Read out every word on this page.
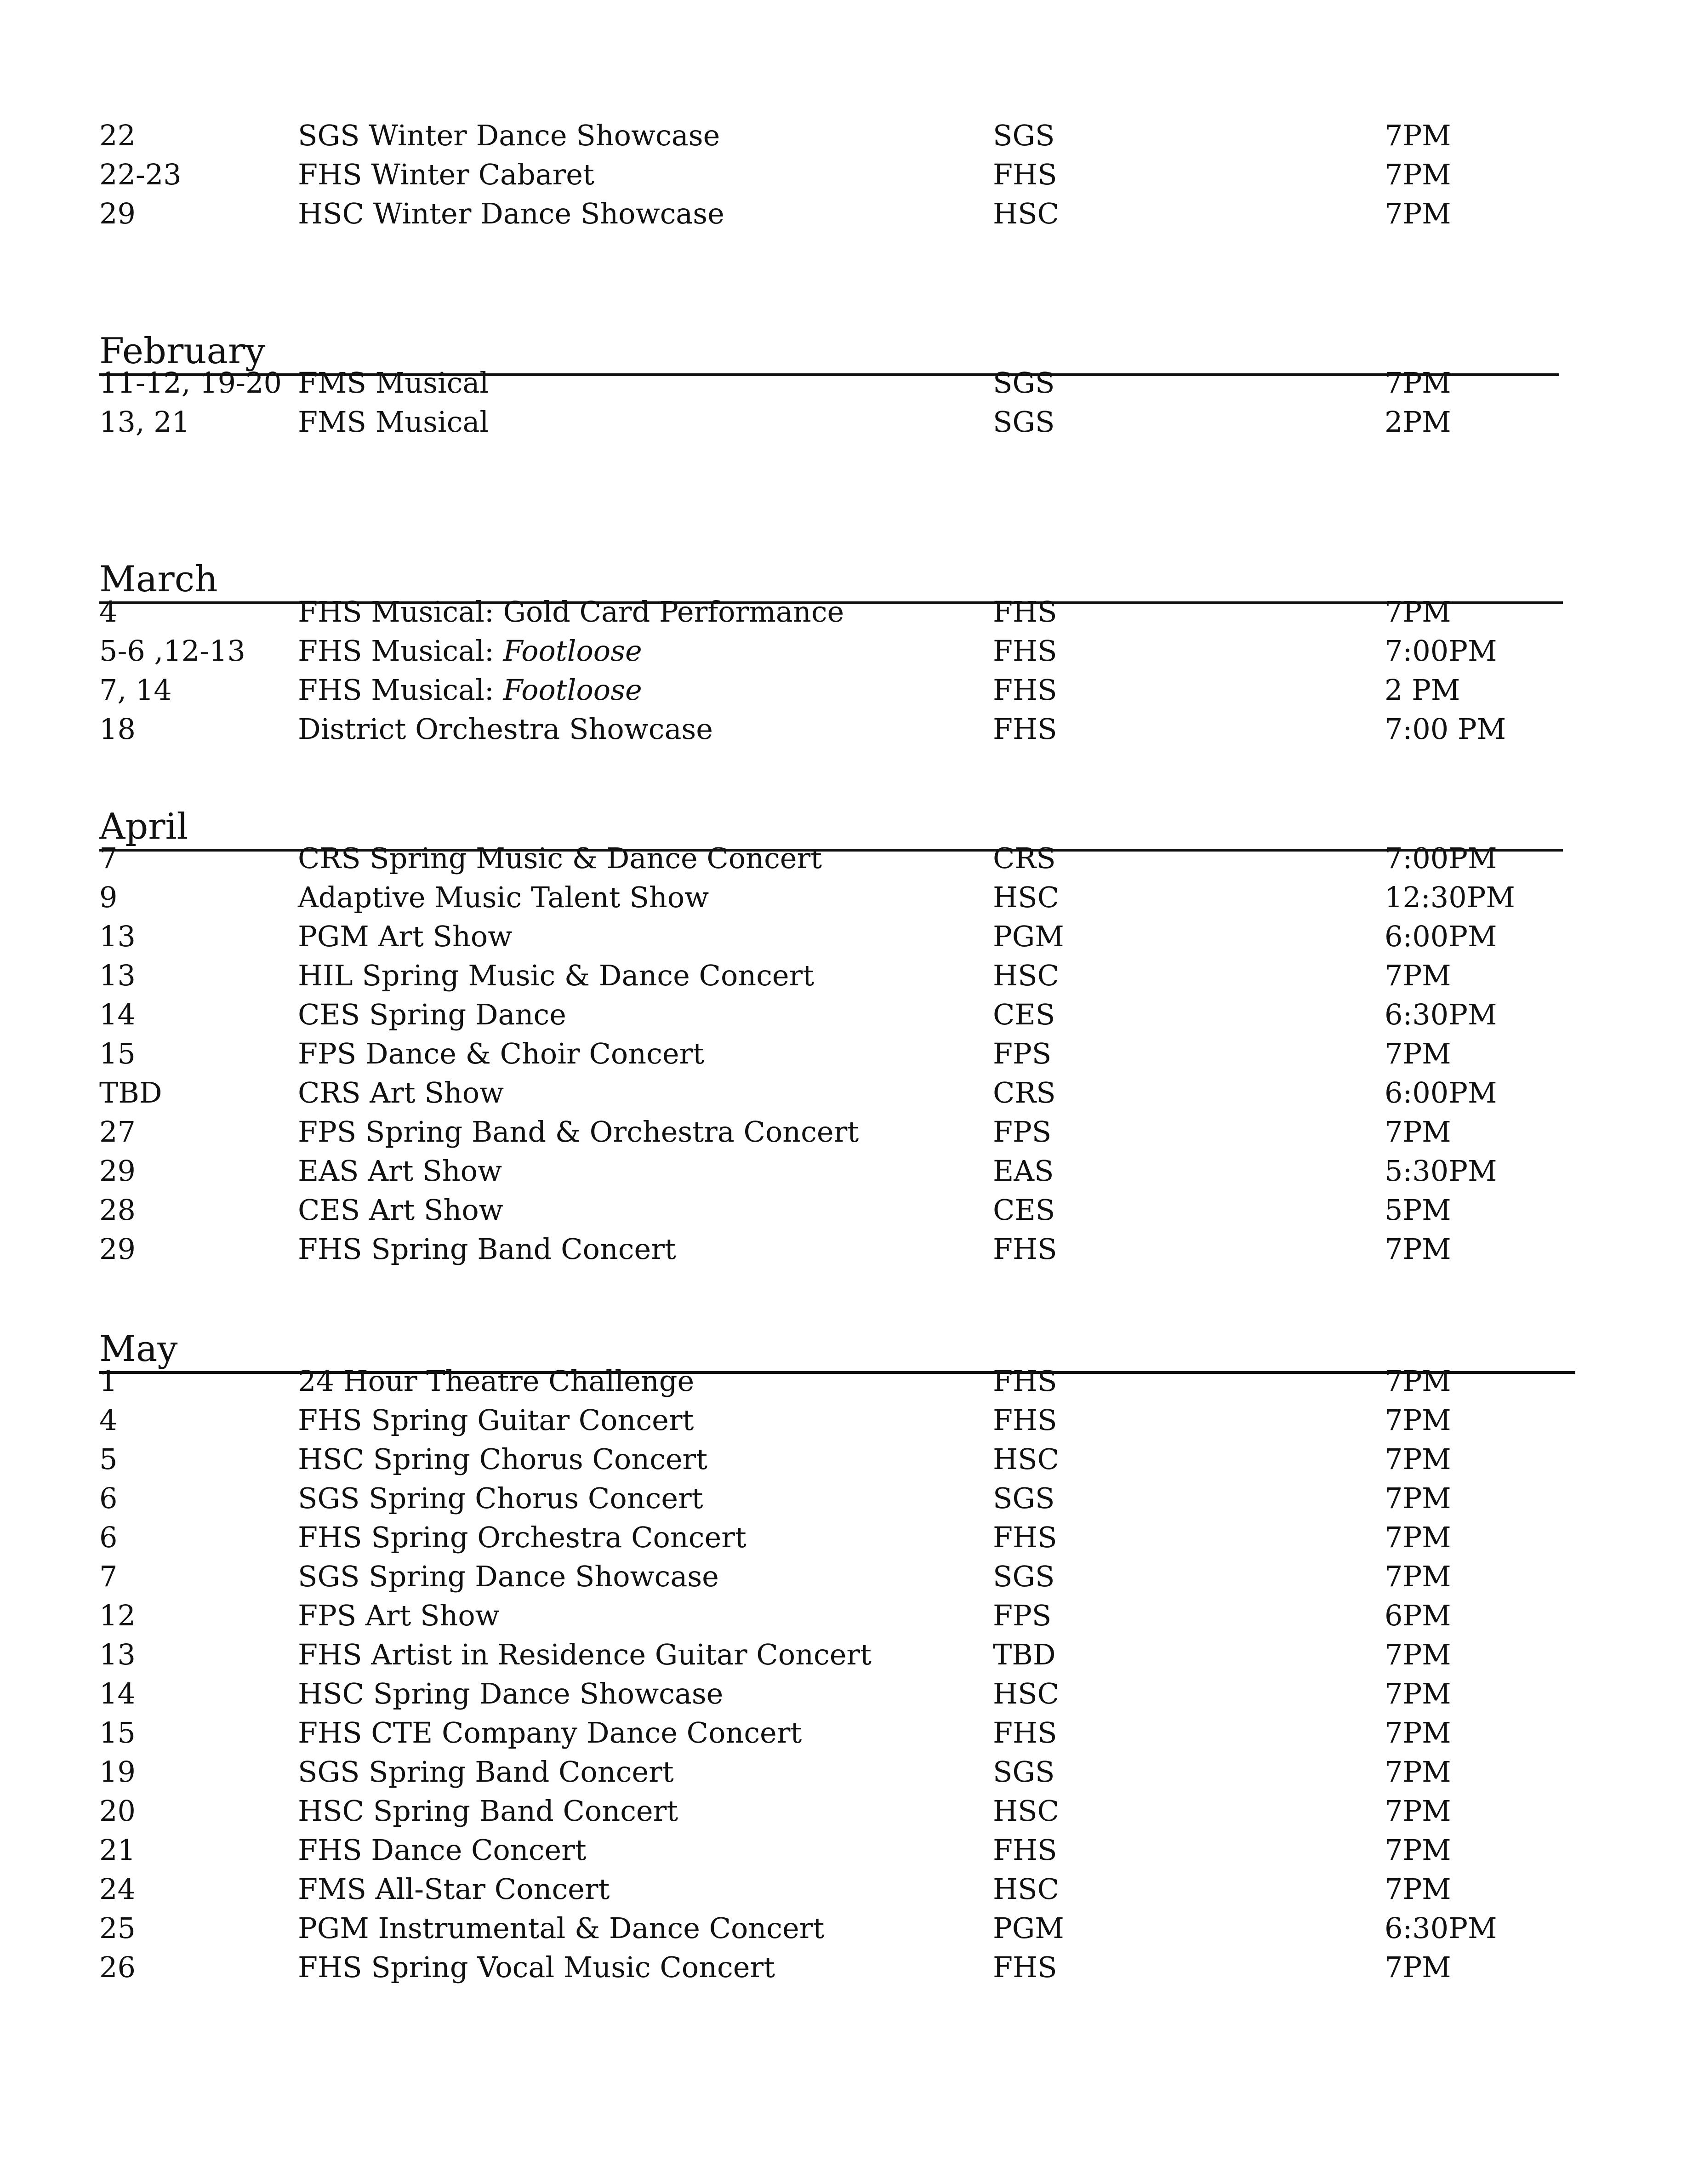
22	SGS Winter Dance Showcase	SGS	7PM
22-23	FHS Winter Cabaret	FHS	7PM
29	HSC Winter Dance Showcase	HSC	7PM
February
11-12, 19-20 FMS Musical	SGS	7PM
13, 21	FMS Musical	SGS	2PM
March
4	FHS Musical: Gold Card Performance	FHS	7PM
5-6 ,12-13 FHS Musical: Footloose	FHS	7:00PM
7, 14	FHS Musical: Footloose	FHS	2 PM
18	District Orchestra Showcase	FHS	7:00 PM
April
7	CRS Spring Music & Dance Concert	CRS	7:00PM
9	Adaptive Music Talent Show	HSC	12:30PM
13	PGM Art Show	PGM	6:00PM
13	HIL Spring Music & Dance Concert	HSC	7PM
14	CES Spring Dance	CES	6:30PM
15	FPS Dance & Choir Concert	FPS	7PM
TBD	CRS Art Show	CRS	6:00PM
27	FPS Spring Band & Orchestra Concert	FPS	7PM
29	EAS Art Show	EAS	5:30PM
28	CES Art Show	CES	5PM
29	FHS Spring Band Concert	FHS	7PM
May
1	24 Hour Theatre Challenge	FHS	7PM
4	FHS Spring Guitar Concert	FHS	7PM
5	HSC Spring Chorus Concert	HSC	7PM
6	SGS Spring Chorus Concert	SGS	7PM
6	FHS Spring Orchestra Concert	FHS	7PM
7	SGS Spring Dance Showcase	SGS	7PM
12	FPS Art Show	FPS	6PM
13	FHS Artist in Residence Guitar Concert	TBD	7PM
14	HSC Spring Dance Showcase	HSC	7PM
15	FHS CTE Company Dance Concert	FHS	7PM
19	SGS Spring Band Concert	SGS	7PM
20	HSC Spring Band Concert	HSC	7PM
21	FHS Dance Concert	FHS	7PM
24	FMS All-Star Concert	HSC	7PM
25	PGM Instrumental & Dance Concert	PGM	6:30PM
26	FHS Spring Vocal Music Concert	FHS	7PM
